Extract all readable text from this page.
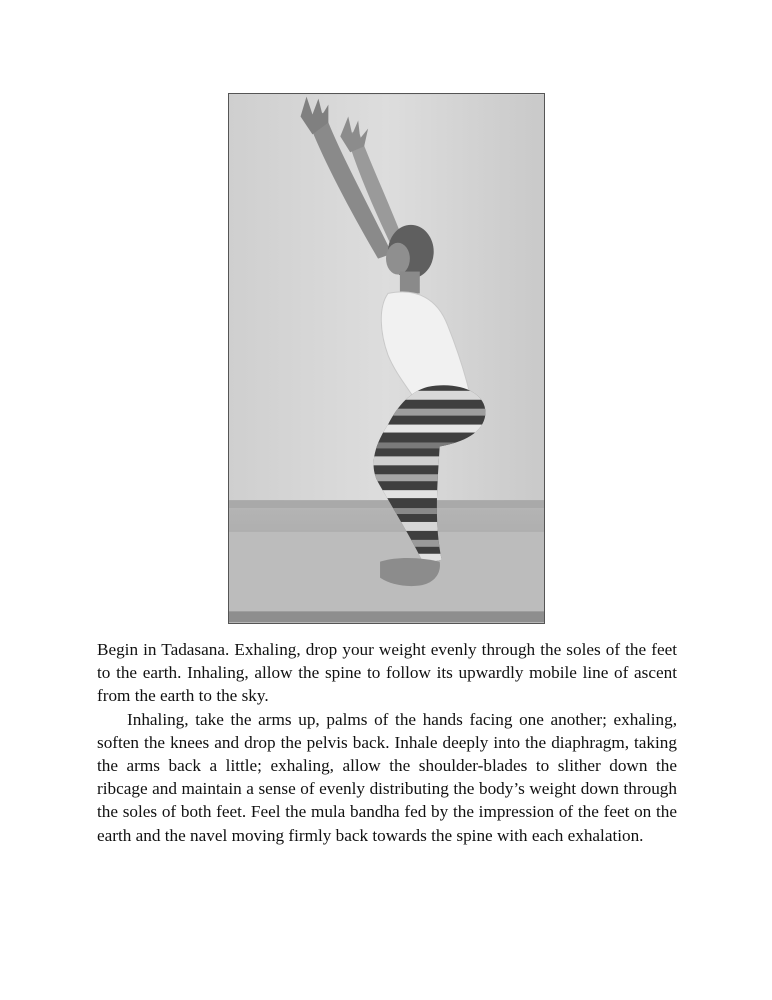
Begin in Tadasana. Exhaling, drop your weight evenly through the soles of the feet to the earth. Inhaling, allow the spine to follow its upwardly mobile line of ascent from the earth to the sky.

Inhaling, take the arms up, palms of the hands facing one another; exhaling, soften the knees and drop the pelvis back. Inhale deeply into the diaphragm, taking the arms back a little; exhaling, allow the shoulder-blades to slither down the ribcage and maintain a sense of evenly distributing the body’s weight down through the soles of both feet. Feel the mula bandha fed by the impression of the feet on the earth and the navel moving firmly back towards the spine with each exhalation.
